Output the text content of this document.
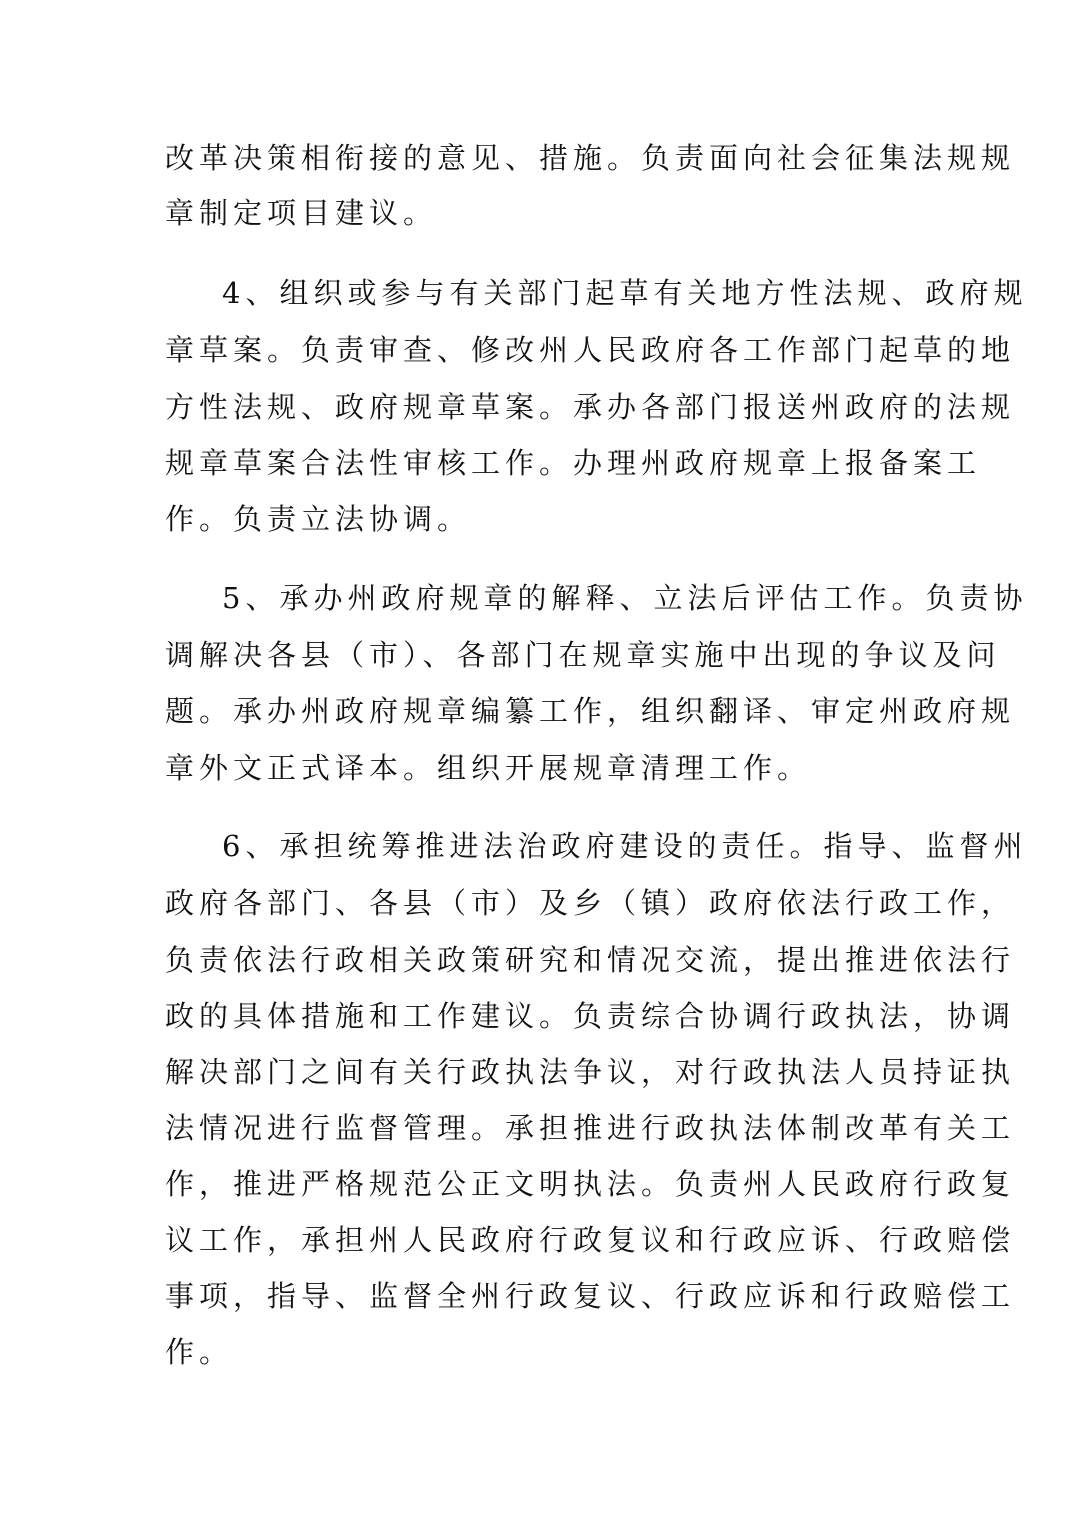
改革决策相衔接的意见、措施。负责面向社会征集法规规

章制定项目建议。

4、组织或参与有关部门起草有关地方性法规、政府规

章草案。负责审查、修改州人民政府各工作部门起草的地

方性法规、政府规章草案。承办各部门报送州政府的法规

规章草案合法性审核工作。办理州政府规章上报备案工

作。负责立法协调。

5、承办州政府规章的解释、立法后评估工作。负责协

调解决各县（市）、各部门在规章实施中出现的争议及问

题。承办州政府规章编纂工作，组织翻译、审定州政府规

章外文正式译本。组织开展规章清理工作。

6、承担统筹推进法治政府建设的责任。指导、监督州

政府各部门、各县（市）及乡（镇）政府依法行政工作，

负责依法行政相关政策研究和情况交流，提出推进依法行

政的具体措施和工作建议。负责综合协调行政执法，协调

解决部门之间有关行政执法争议，对行政执法人员持证执

法情况进行监督管理。承担推进行政执法体制改革有关工

作，推进严格规范公正文明执法。负责州人民政府行政复

议工作，承担州人民政府行政复议和行政应诉、行政赔偿

事项，指导、监督全州行政复议、行政应诉和行政赔偿工

作。
